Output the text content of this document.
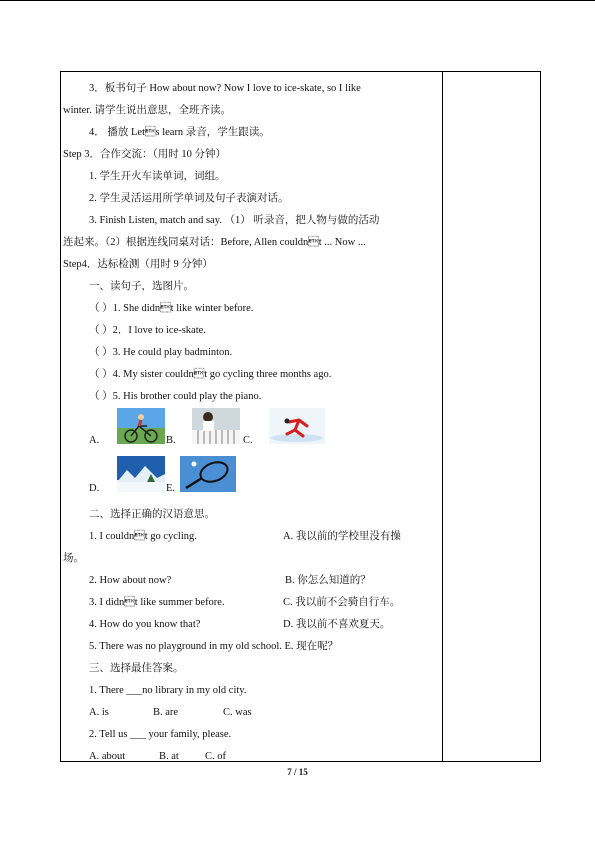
3．板书句子 How about now? Now I love to ice-skate, so I like
winter. 请学生说出意思，全班齐读。
4． 播放 Lets learn 录音，学生跟读。
Step 3．合作交流：（用时 10 分钟）
1. 学生开火车读单词，词组。
2. 学生灵活运用所学单词及句子表演对话。
3. Finish Listen, match and say. （1） 听录音，把人物与做的活动
连起来。（2）根据连线同桌对话：Before, Allen couldnt ... Now ...
Step4．达标检测（用时 9 分钟）
一、读句子，选图片。
（ ）1. She didnt like winter before.
（ ）2．I love to ice-skate.
（ ）3. He could play badminton.
（ ）4. My sister couldnt go cycling three months ago.
（ ）5. His brother could play the piano.
A.	B.	C.
D.	E.
二、选择正确的汉语意思。
1. I couldnt go cycling.	A. 我以前的学校里没有操
场。
2. How about now?	B. 你怎么知道的？
3. I didnt like summer before.	C. 我以前不会骑自行车。
4. How do you know that?	D. 我以前不喜欢夏天。
5. There was no playground in my old school. E. 现在呢？
三、选择最佳答案。
1. There ___no library in my old city.
A. is	B. are	C. was
2. Tell us ___ your family, please.
A. about	B. at C. of
7 / 15
